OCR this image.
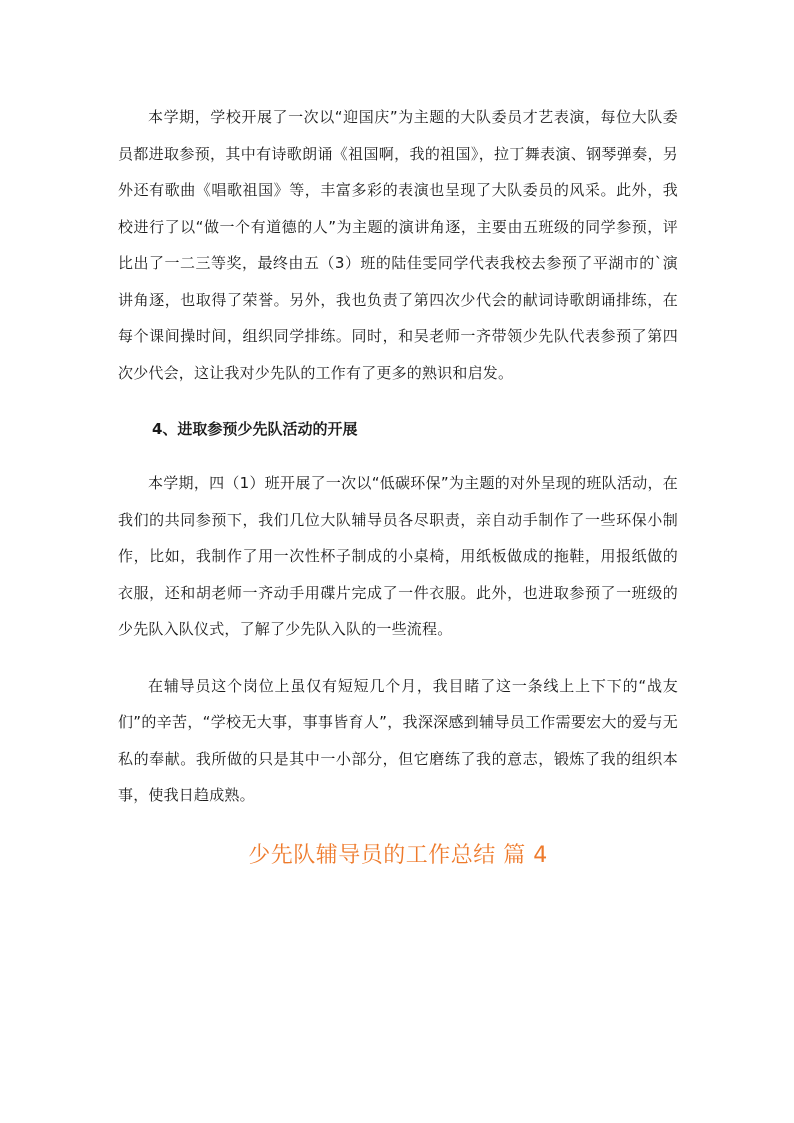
本学期，学校开展了一次以“迎国庆”为主题的大队委员才艺表演，每位大队委员都进取参预，其中有诗歌朗诵《祖国啊，我的祖国》，拉丁舞表演、钢琴弹奏，另外还有歌曲《唱歌祖国》等，丰富多彩的表演也呈现了大队委员的风采。此外，我校进行了以“做一个有道德的人”为主题的演讲角逐，主要由五班级的同学参预，评比出了一二三等奖，最终由五（3）班的陆佳雯同学代表我校去参预了平湖市的`演讲角逐，也取得了荣誉。另外，我也负责了第四次少代会的献词诗歌朗诵排练，在每个课间操时间，组织同学排练。同时，和吴老师一齐带领少先队代表参预了第四次少代会，这让我对少先队的工作有了更多的熟识和启发。

4、进取参预少先队活动的开展

本学期，四（1）班开展了一次以“低碳环保”为主题的对外呈现的班队活动，在我们的共同参预下，我们几位大队辅导员各尽职责，亲自动手制作了一些环保小制作，比如，我制作了用一次性杯子制成的小桌椅，用纸板做成的拖鞋，用报纸做的衣服，还和胡老师一齐动手用碟片完成了一件衣服。此外，也进取参预了一班级的少先队入队仪式，了解了少先队入队的一些流程。

在辅导员这个岗位上虽仅有短短几个月，我目睹了这一条线上上下下的“战友们”的辛苦，“学校无大事，事事皆育人”，我深深感到辅导员工作需要宏大的爱与无私的奉献。我所做的只是其中一小部分，但它磨练了我的意志，锻炼了我的组织本事，使我日趋成熟。

少先队辅导员的工作总结 篇 4
